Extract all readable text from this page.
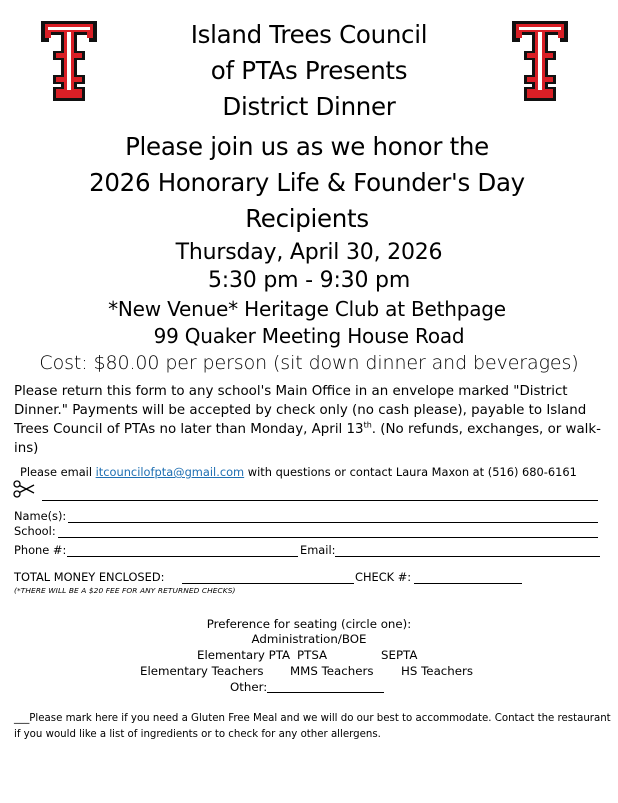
Island Trees Council
of PTAs Presents
District Dinner
Please join us as we honor the
2026 Honorary Life & Founder's Day
Recipients
Thursday, April 30, 2026
5:30 pm - 9:30 pm
*New Venue* Heritage Club at Bethpage
99 Quaker Meeting House Road
Cost: $80.00 per person (sit down dinner and beverages)
Please return this form to any school's Main Office in an envelope marked "District Dinner." Payments will be accepted by check only (no cash please), payable to Island Trees Council of PTAs no later than Monday, April 13th. (No refunds, exchanges, or walk-ins)
Please email itcouncilofpta@gmail.com with questions or contact Laura Maxon at (516) 680-6161
Name(s):
School:
Phone #:	Email:
TOTAL MONEY ENCLOSED:	CHECK #:
(*THERE WILL BE A $20 FEE FOR ANY RETURNED CHECKS)
Preference for seating (circle one):
Administration/BOE
Elementary PTA PTSA	SEPTA
Elementary Teachers MMS Teachers HS Teachers
Other:
___Please mark here if you need a Gluten Free Meal and we will do our best to accommodate. Contact the restaurant if you would like a list of ingredients or to check for any other allergens.
